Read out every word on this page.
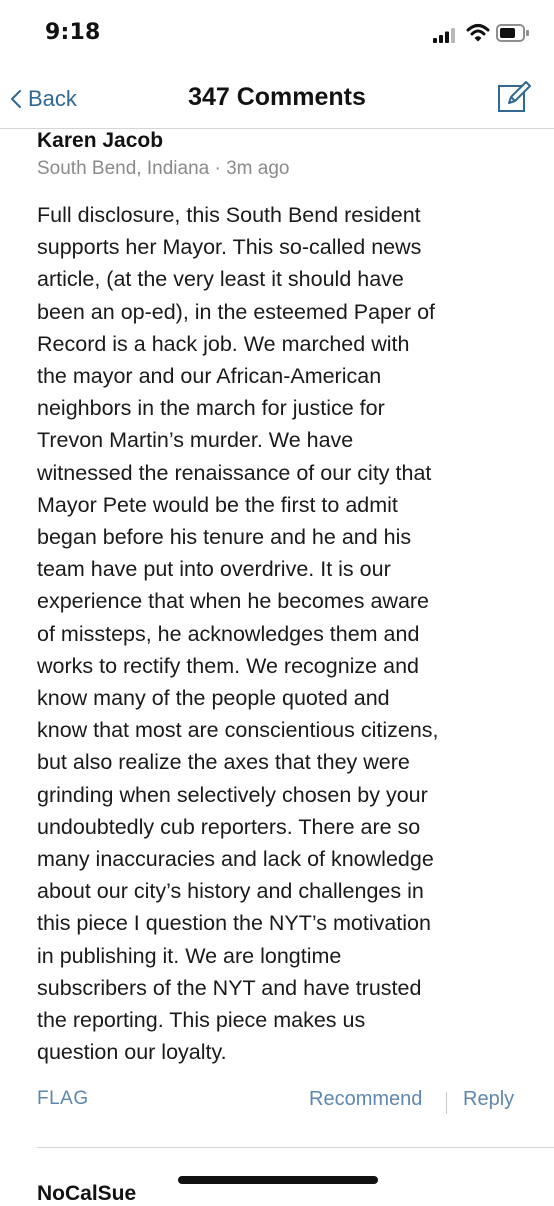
9:18
Back	347 Comments
Karen Jacob
South Bend, Indiana · 3m ago
Full disclosure, this South Bend resident
supports her Mayor. This so-called news
article, (at the very least it should have
been an op-ed), in the esteemed Paper of
Record is a hack job. We marched with
the mayor and our African-American
neighbors in the march for justice for
Trevon Martin’s murder. We have
witnessed the renaissance of our city that
Mayor Pete would be the first to admit
began before his tenure and he and his
team have put into overdrive. It is our
experience that when he becomes aware
of missteps, he acknowledges them and
works to rectify them. We recognize and
know many of the people quoted and
know that most are conscientious citizens,
but also realize the axes that they were
grinding when selectively chosen by your
undoubtedly cub reporters. There are so
many inaccuracies and lack of knowledge
about our city’s history and challenges in
this piece I question the NYT’s motivation
in publishing it. We are longtime
subscribers of the NYT and have trusted
the reporting. This piece makes us
question our loyalty.
FLAG	Recommend Reply
NoCalSue
